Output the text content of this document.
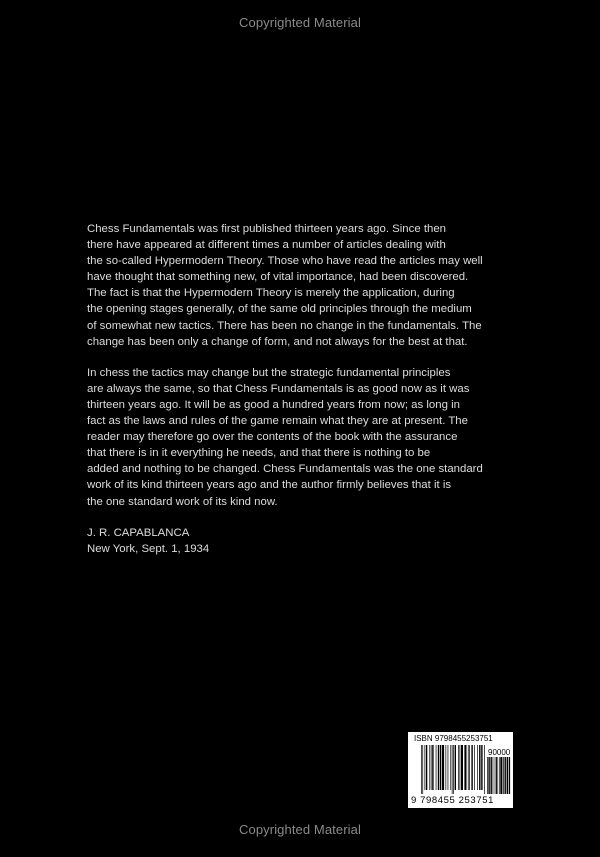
Copyrighted Material

Chess Fundamentals was first published thirteen years ago. Since then
there have appeared at different times a number of articles dealing with
the so-called Hypermodern Theory. Those who have read the articles may well
have thought that something new, of vital importance, had been discovered.
The fact is that the Hypermodern Theory is merely the application, during
the opening stages generally, of the same old principles through the medium
of somewhat new tactics. There has been no change in the fundamentals. The
change has been only a change of form, and not always for the best at that.

In chess the tactics may change but the strategic fundamental principles
are always the same, so that Chess Fundamentals is as good now as it was
thirteen years ago. It will be as good a hundred years from now; as long in
fact as the laws and rules of the game remain what they are at present. The
reader may therefore go over the contents of the book with the assurance
that there is in it everything he needs, and that there is nothing to be
added and nothing to be changed. Chess Fundamentals was the one standard
work of its kind thirteen years ago and the author firmly believes that it is
the one standard work of its kind now.

J. R. CAPABLANCA
New York, Sept. 1, 1934
ISBN 9798455253751
90000
9 798455 253751
Copyrighted Material
